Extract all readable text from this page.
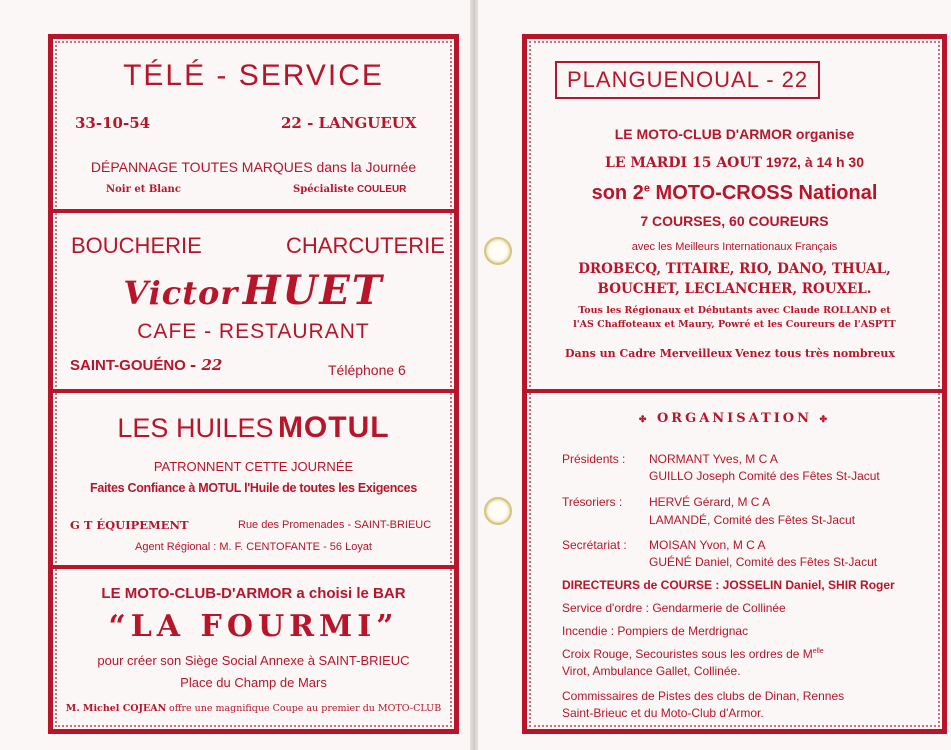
TÉLÉ - SERVICE
33-10-54	22 - LANGUEUX
DÉPANNAGE TOUTES MARQUES dans la Journée
Noir et Blanc	Spécialiste COULEUR
BOUCHERIE	CHARCUTERIE
Victor HUET
CAFE - RESTAURANT
SAINT-GOUÉNO - 22	Téléphone 6
LES HUILES MOTUL
PATRONNENT CETTE JOURNÉE
Faites Confiance à MOTUL l'Huile de toutes les Exigences
G T ÉQUIPEMENT	Rue des Promenades - SAINT-BRIEUC
Agent Régional : M. F. CENTOFANTE - 56 Loyat
LE MOTO-CLUB-D'ARMOR a choisi le BAR
“LA FOURMI”
pour créer son Siège Social Annexe à SAINT-BRIEUC
Place du Champ de Mars
M. Michel COJEAN offre une magnifique Coupe au premier du MOTO-CLUB
PLANGUENOUAL - 22
LE MOTO-CLUB D'ARMOR organise
LE MARDI 15 AOUT 1972, à 14 h 30
son 2e MOTO-CROSS National
7 COURSES, 60 COUREURS
avec les Meilleurs Internationaux Français
DROBECQ, TITAIRE, RIO, DANO, THUAL,
BOUCHET, LECLANCHER, ROUXEL.
Tous les Régionaux et Débutants avec Claude ROLLAND et
l'AS Chaffoteaux et Maury, Powré et les Coureurs de l'ASPTT
Dans un Cadre Merveilleux Venez tous très nombreux
✤ ORGANISATION ✤
Présidents : NORMANT Yves, M C A
GUILLO Joseph Comité des Fêtes St-Jacut
Trésoriers : HERVÉ Gérard, M C A
LAMANDÉ, Comité des Fêtes St-Jacut
Secrétariat : MOISAN Yvon, M C A
GUÉNÉ Daniel, Comité des Fêtes St-Jacut
DIRECTEURS de COURSE : JOSSELIN Daniel, SHIR Roger
Service d'ordre : Gendarmerie de Collinée
Incendie : Pompiers de Merdrignac
Croix Rouge, Secouristes sous les ordres de $M^{elle}$
Virot, Ambulance Gallet, Collinée.
Commissaires de Pistes des clubs de Dinan, Rennes
Saint-Brieuc et du Moto-Club d'Armor.
